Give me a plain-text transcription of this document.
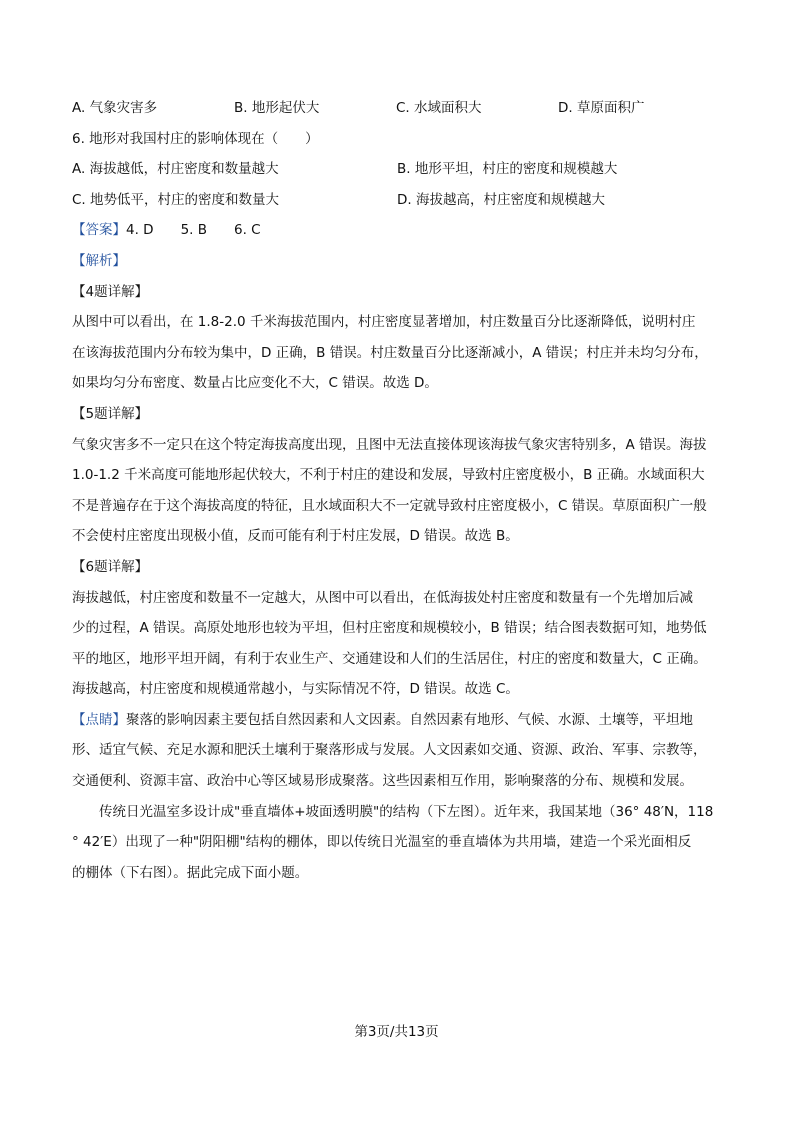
A. 气象灾害多	B. 地形起伏大	C. 水域面积大	D. 草原面积广
6. 地形对我国村庄的影响体现在（　　）
A. 海拔越低，村庄密度和数量越大	B. 地形平坦，村庄的密度和规模越大
C. 地势低平，村庄的密度和数量大	D. 海拔越高，村庄密度和规模越大
【答案】4. D　　5. B　　6. C
【解析】
【4题详解】
从图中可以看出，在 1.8-2.0 千米海拔范围内，村庄密度显著增加，村庄数量百分比逐渐降低，说明村庄
在该海拔范围内分布较为集中，D 正确，B 错误。村庄数量百分比逐渐减小，A 错误；村庄并未均匀分布，
如果均匀分布密度、数量占比应变化不大，C 错误。故选 D。
【5题详解】
气象灾害多不一定只在这个特定海拔高度出现，且图中无法直接体现该海拔气象灾害特别多，A 错误。海拔
1.0-1.2 千米高度可能地形起伏较大，不利于村庄的建设和发展，导致村庄密度极小，B 正确。水域面积大
不是普遍存在于这个海拔高度的特征，且水域面积大不一定就导致村庄密度极小，C 错误。草原面积广一般
不会使村庄密度出现极小值，反而可能有利于村庄发展，D 错误。故选 B。
【6题详解】
海拔越低，村庄密度和数量不一定越大，从图中可以看出，在低海拔处村庄密度和数量有一个先增加后减
少的过程，A 错误。高原处地形也较为平坦，但村庄密度和规模较小，B 错误；结合图表数据可知，地势低
平的地区，地形平坦开阔，有利于农业生产、交通建设和人们的生活居住，村庄的密度和数量大，C 正确。
海拔越高，村庄密度和规模通常越小，与实际情况不符，D 错误。故选 C。
【点睛】聚落的影响因素主要包括自然因素和人文因素。自然因素有地形、气候、水源、土壤等，平坦地
形、适宜气候、充足水源和肥沃土壤利于聚落形成与发展。人文因素如交通、资源、政治、军事、宗教等，
交通便利、资源丰富、政治中心等区域易形成聚落。这些因素相互作用，影响聚落的分布、规模和发展。
传统日光温室多设计成"垂直墙体+坡面透明膜"的结构（下左图）。近年来，我国某地（36° 48′N，118
° 42′E）出现了一种"阴阳棚"结构的棚体，即以传统日光温室的垂直墙体为共用墙，建造一个采光面相反
的棚体（下右图）。据此完成下面小题。
第3页/共13页
